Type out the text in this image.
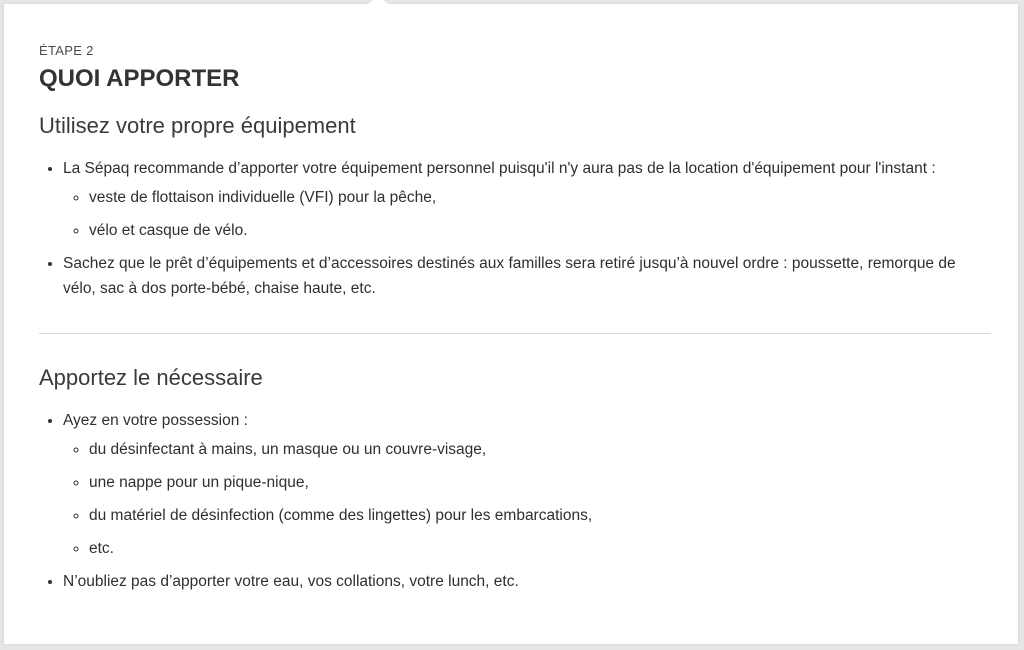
ÉTAPE 2

QUOI APPORTER
Utilisez votre propre équipement
• La Sépaq recommande d’apporter votre équipement personnel puisqu'il n'y aura pas de la location d'équipement pour l'instant :
◦ veste de flottaison individuelle (VFI) pour la pêche,
◦ vélo et casque de vélo.
• Sachez que le prêt d’équipements et d’accessoires destinés aux familles sera retiré jusqu’à nouvel ordre : poussette, remorque de vélo, sac à dos porte-bébé, chaise haute, etc.
Apportez le nécessaire
• Ayez en votre possession :
◦ du désinfectant à mains, un masque ou un couvre-visage,
◦ une nappe pour un pique-nique,
◦ du matériel de désinfection (comme des lingettes) pour les embarcations,
◦ etc.
• N’oubliez pas d’apporter votre eau, vos collations, votre lunch, etc.
